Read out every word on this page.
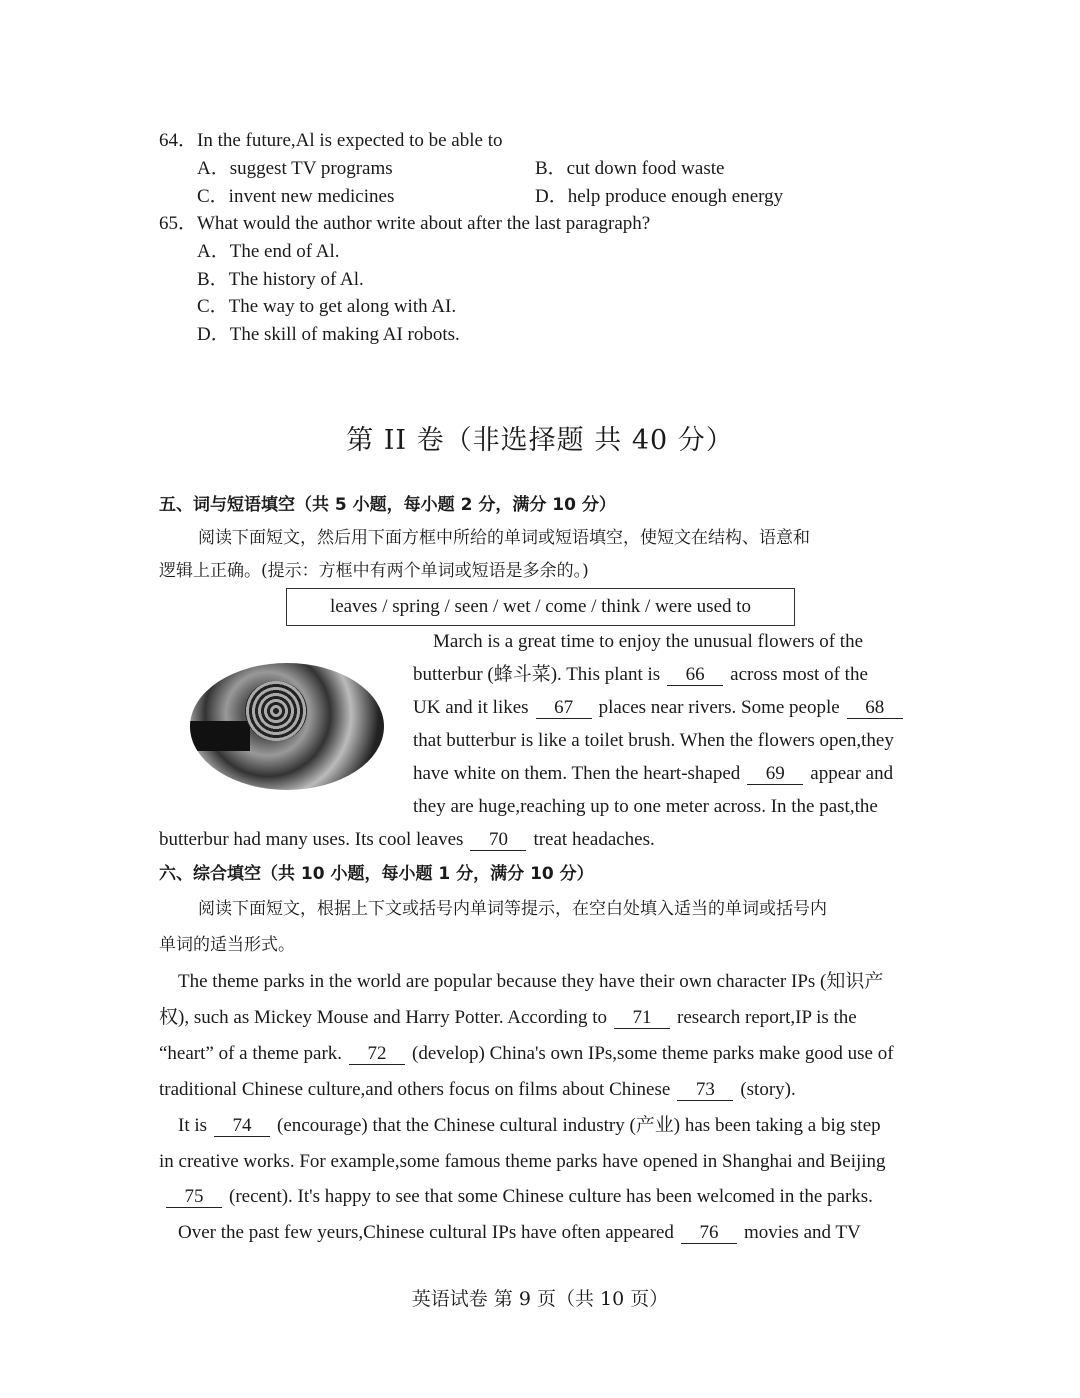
64．In the future,Al is expected to be able to
A．suggest TV programs	B．cut down food waste
C．invent new medicines	D．help produce enough energy
65．What would the author write about after the last paragraph?
A．The end of Al.
B．The history of Al.
C．The way to get along with AI.
D．The skill of making AI robots.
第 II 卷（非选择题 共 40 分）
五、词与短语填空（共 5 小题，每小题 2 分，满分 10 分）
阅读下面短文，然后用下面方框中所给的单词或短语填空，使短文在结构、语意和
逻辑上正确。(提示：方框中有两个单词或短语是多余的。)
leaves / spring / seen / wet / come / think / were used to
March is a great time to enjoy the unusual flowers of the
butterbur (蜂斗菜). This plant is 66 across most of the
UK and it likes 67 places near rivers. Some people 68
that butterbur is like a toilet brush. When the flowers open,they
have white on them. Then the heart-shaped 69 appear and
they are huge,reaching up to one meter across. In the past,the
butterbur had many uses. Its cool leaves 70 treat headaches.
六、综合填空（共 10 小题，每小题 1 分，满分 10 分）
阅读下面短文，根据上下文或括号内单词等提示，在空白处填入适当的单词或括号内
单词的适当形式。
The theme parks in the world are popular because they have their own character IPs (知识产
权), such as Mickey Mouse and Harry Potter. According to 71 research report,IP is the
“heart” of a theme park. 72 (develop) China's own IPs,some theme parks make good use of
traditional Chinese culture,and others focus on films about Chinese 73 (story).
It is 74 (encourage) that the Chinese cultural industry (产业) has been taking a big step
in creative works. For example,some famous theme parks have opened in Shanghai and Beijing
75 (recent). It's happy to see that some Chinese culture has been welcomed in the parks.
Over the past few yeurs,Chinese cultural IPs have often appeared 76 movies and TV
英语试卷 第 9 页（共 10 页）
